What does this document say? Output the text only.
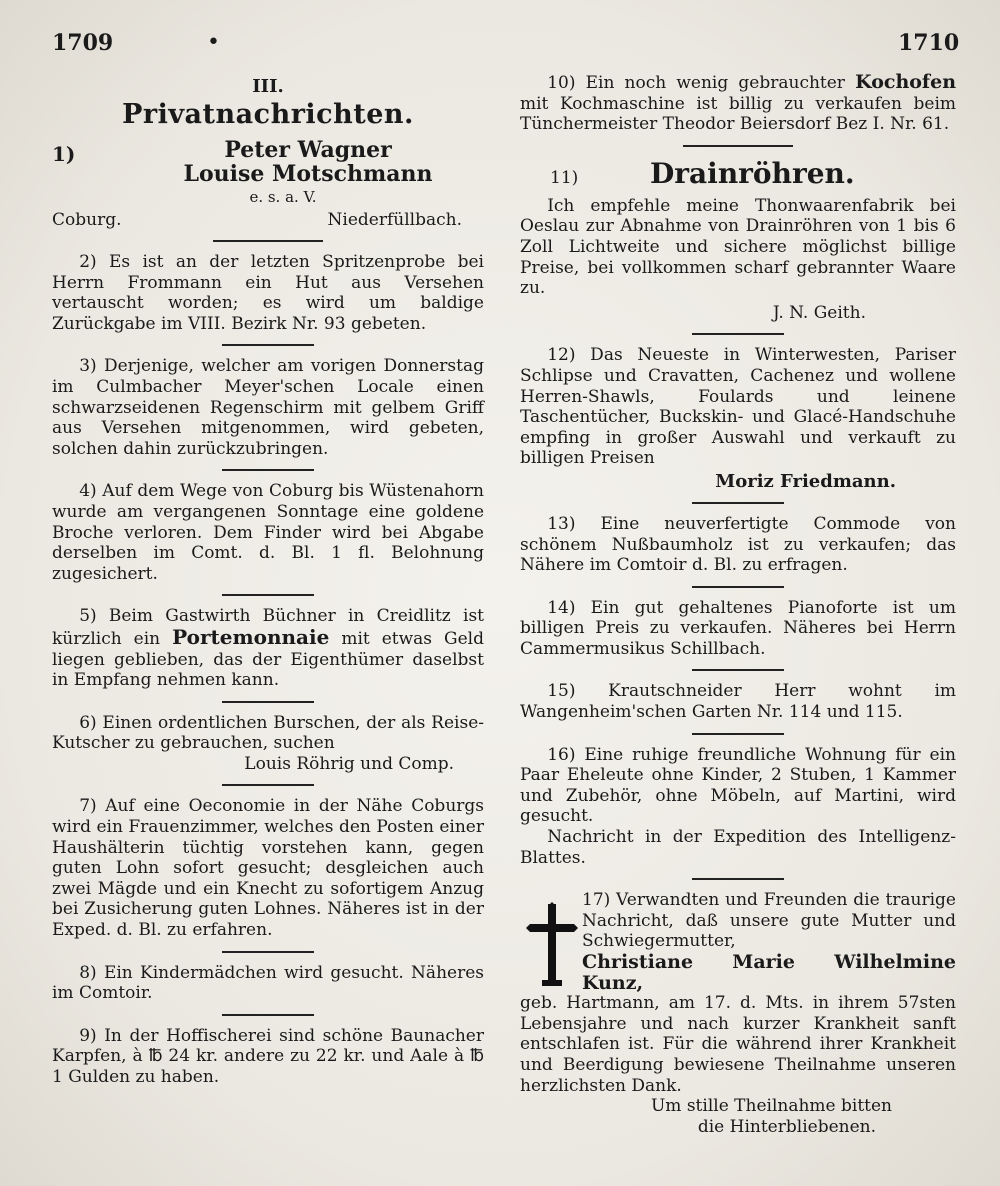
1709	•	1710
III.
Privatnachrichten.
1)	Peter Wagner
Louise Motschmann
e. s. a. V.
Coburg.	Niederfüllbach.

2) Es ist an der letzten Spritzenprobe bei Herrn Frommann ein Hut aus Versehen vertauscht worden; es wird um baldige Zurückgabe im VIII. Bezirk Nr. 93 gebeten.

3) Derjenige, welcher am vorigen Donnerstag im Culmbacher Meyer'schen Locale einen schwarzseidenen Regenschirm mit gelbem Griff aus Versehen mitgenommen, wird gebeten, solchen dahin zurückzubringen.

4) Auf dem Wege von Coburg bis Wüstenahorn wurde am vergangenen Sonntage eine goldene Broche verloren. Dem Finder wird bei Abgabe derselben im Comt. d. Bl. 1 fl. Belohnung zugesichert.

5) Beim Gastwirth Büchner in Creidlitz ist kürzlich ein Portemonnaie mit etwas Geld liegen geblieben, das der Eigenthümer daselbst in Empfang nehmen kann.

6) Einen ordentlichen Burschen, der als Reise-Kutscher zu gebrauchen, suchen

Louis Röhrig und Comp.

7) Auf eine Oeconomie in der Nähe Coburgs wird ein Frauenzimmer, welches den Posten einer Haushälterin tüchtig vorstehen kann, gegen guten Lohn sofort gesucht; desgleichen auch zwei Mägde und ein Knecht zu sofortigem Anzug bei Zusicherung guten Lohnes. Näheres ist in der Exped. d. Bl. zu erfahren.

8) Ein Kindermädchen wird gesucht. Näheres im Comtoir.

9) In der Hoffischerei sind schöne Baunacher Karpfen, à ℔ 24 kr. andere zu 22 kr. und Aale à ℔ 1 Gulden zu haben.

10) Ein noch wenig gebrauchter Kochofen mit Kochmaschine ist billig zu verkaufen beim Tünchermeister Theodor Beiersdorf Bez I. Nr. 61.

11)	Drainröhren.

Ich empfehle meine Thonwaarenfabrik bei Oeslau zur Abnahme von Drainröhren von 1 bis 6 Zoll Lichtweite und sichere möglichst billige Preise, bei vollkommen scharf gebrannter Waare zu.

J. N. Geith.

12) Das Neueste in Winterwesten, Pariser Schlipse und Cravatten, Cachenez und wollene Herren-Shawls, Foulards und leinene Taschentücher, Buckskin- und Glacé-Handschuhe empfing in großer Auswahl und verkauft zu billigen Preisen

Moriz Friedmann.

13) Eine neuverfertigte Commode von schönem Nußbaumholz ist zu verkaufen; das Nähere im Comtoir d. Bl. zu erfragen.

14) Ein gut gehaltenes Pianoforte ist um billigen Preis zu verkaufen. Näheres bei Herrn Cammermusikus Schillbach.

15) Krautschneider Herr wohnt im Wangenheim'schen Garten Nr. 114 und 115.

16) Eine ruhige freundliche Wohnung für ein Paar Eheleute ohne Kinder, 2 Stuben, 1 Kammer und Zubehör, ohne Möbeln, auf Martini, wird gesucht.

Nachricht in der Expedition des Intelligenz-Blattes.

17) Verwandten und Freunden die traurige Nachricht, daß unsere gute Mutter und Schwiegermutter,

Christiane Marie Wilhelmine Kunz,

geb. Hartmann, am 17. d. Mts. in ihrem 57sten Lebensjahre und nach kurzer Krankheit sanft entschlafen ist. Für die während ihrer Krankheit und Beerdigung bewiesene Theilnahme unseren herzlichsten Dank.

Um stille Theilnahme bitten

die Hinterbliebenen.
